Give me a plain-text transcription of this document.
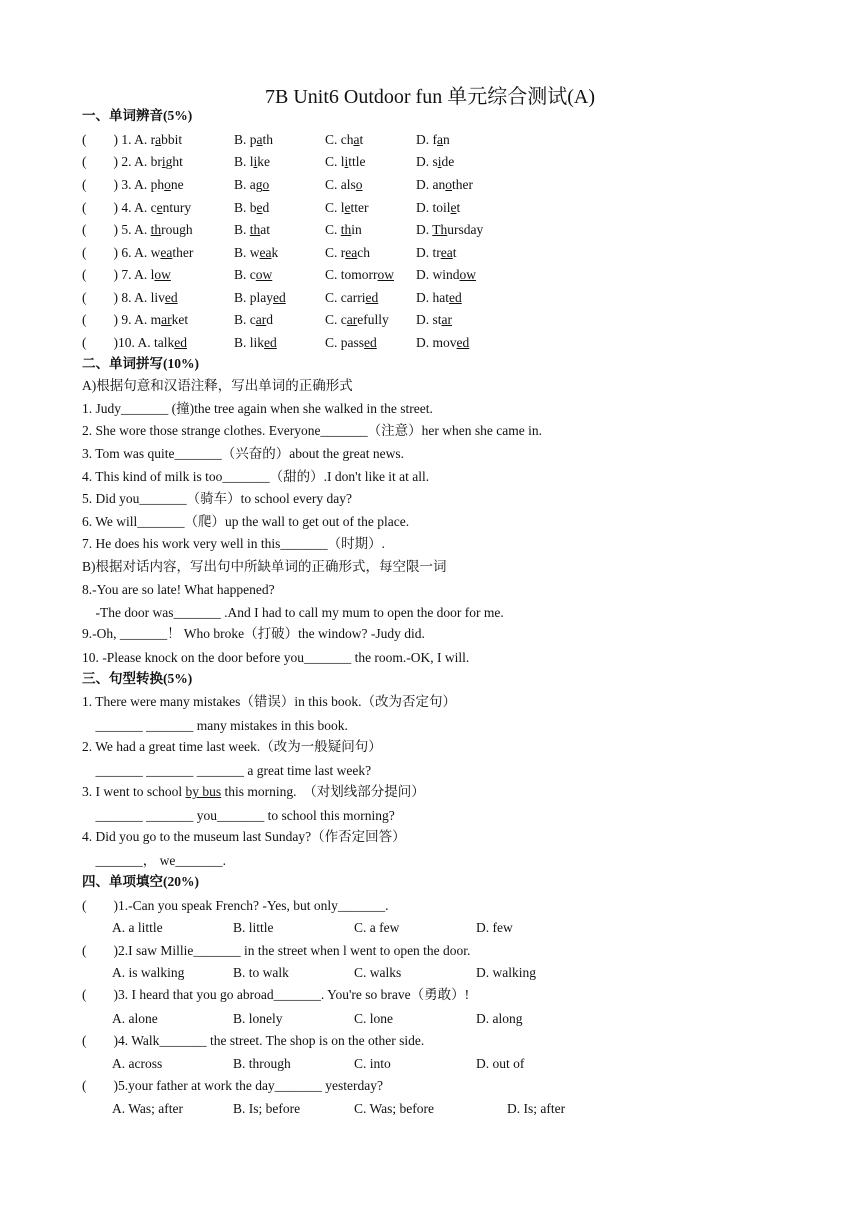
7B Unit6 Outdoor fun 单元综合测试(A)
一、单词辨音(5%)
(        ) 1. A. rabbit	B. path	C. chat	D. fan
(        ) 2. A. bright	B. like	C. little	D. side
(        ) 3. A. phone	B. ago	C. also	D. another
(        ) 4. A. century	B. bed	C. letter	D. toilet
(        ) 5. A. through	B. that	C. thin	D. Thursday
(        ) 6. A. weather	B. weak	C. reach	D. treat
(        ) 7. A. low	B. cow	C. tomorrow D. window
(        ) 8. A. lived	B. played	C. carried	D. hated
(        ) 9. A. market	B. card	C. carefully D. star
(        )10. A. talked	B. liked	C. passed	D. moved
二、单词拼写(10%)
A)根据句意和汉语注释，写出单词的正确形式
1. Judy_______ (撞)the tree again when she walked in the street.
2. She wore those strange clothes. Everyone_______（注意）her when she came in.
3. Tom was quite_______（兴奋的）about the great news.
4. This kind of milk is too_______（甜的）.I don't like it at all.
5. Did you_______（骑车）to school every day?
6. We will_______（爬）up the wall to get out of the place.
7. He does his work very well in this_______（时期）.
B)根据对话内容，写出句中所缺单词的正确形式，每空限一词
8.-You are so late! What happened?
-The door was_______ .And I had to call my mum to open the door for me.
9.-Oh, _______！ Who broke（打破）the window? -Judy did.
10. -Please knock on the door before you_______ the room.-OK, I will.
三、句型转换(5%)
1. There were many mistakes（错误）in this book.（改为否定句）
_______ _______ many mistakes in this book.
2. We had a great time last week.（改为一般疑问句）
_______ _______ _______ a great time last week?
3. I went to school by bus this morning.  （对划线部分提问）
_______ _______ you_______ to school this morning?
4. Did you go to the museum last Sunday?（作否定回答）
_______， we_______.
四、单项填空(20%)
(        )1.-Can you speak French? -Yes, but only_______.
A. a little	B. little	C. a few	D. few
(        )2.I saw Millie_______ in the street when l went to open the door.
A. is walking	B. to walk	C. walks	D. walking
(        )3. I heard that you go abroad_______. You're so brave（勇敢）!
A. alone	B. lonely	C. lone	D. along
(        )4. Walk_______ the street. The shop is on the other side.
A. across	B. through	C. into	D. out of
(        )5.your father at work the day_______ yesterday?
A. Was; after	B. Is; before	C. Was; before	D. Is; after
